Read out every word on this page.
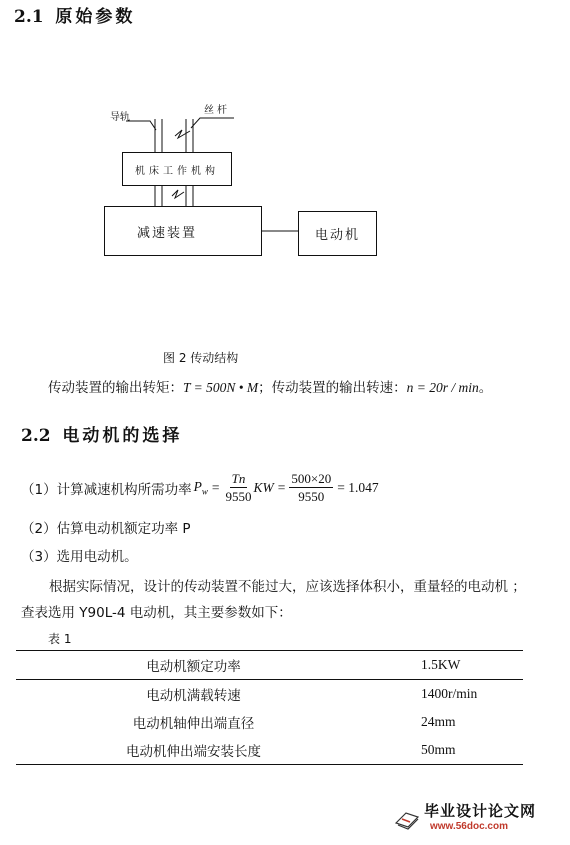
2.1 原始参数
导轨
丝杆
机床工作机构
减速装置	电动机
图 2 传动结构
传动装置的输出转矩：T = 500N • M；传动装置的输出转速：n = 20r / min。
2.2 电动机的选择
（1）计算减速机构所需功率 $P_w = \frac{Tn}{9550}$ KW = $\frac{500\times 20}{9550} = 1.047$
（2）估算电动机额定功率 P
（3）选用电动机。
根据实际情况，设计的传动装置不能过大，应该选择体积小，重量轻的电动机 ；
查表选用 Y90L-4 电动机，其主要参数如下：
表 1
电动机额定功率	1.5KW
电动机满载转速	1400r/min
电动机轴伸出端直径	24mm
电动机伸出端安装长度	50mm
毕业设计论文网
www.56doc.com
